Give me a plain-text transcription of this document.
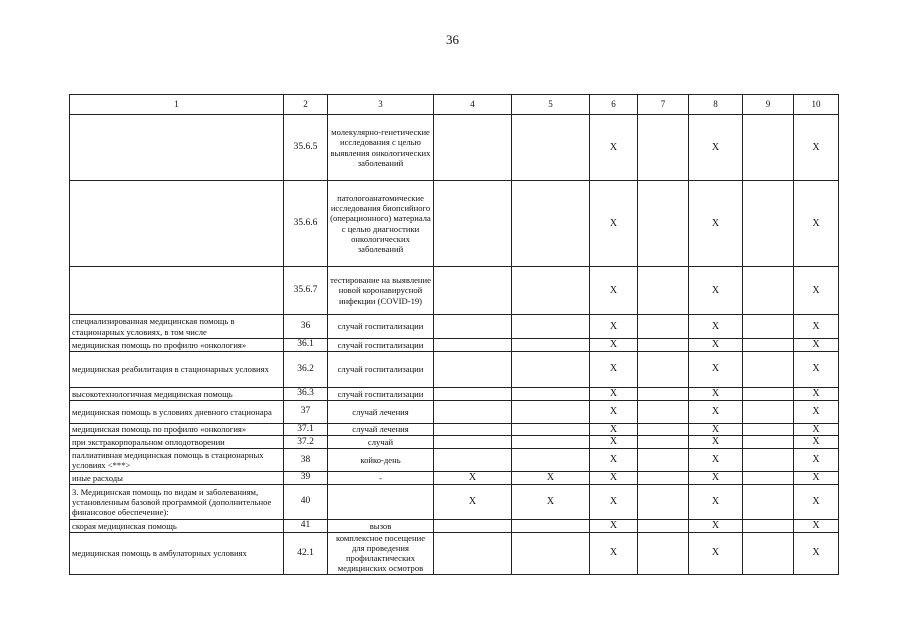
36
1	2	3	4	5	6	7	8	9	10
	35.6.5	молекулярно-генетические исследования с целью выявления онкологических заболеваний			X		X		X
	35.6.6	патологоанатомические исследования биопсийного (операционного) материала с целью диагностики онкологических заболеваний			X		X		X
	35.6.7	тестирование на выявление новой коронавирусной инфекции (COVID-19)			X		X		X
специализированная медицинская помощь в стационарных условиях, в том числе	36	случай госпитализации			X		X		X
медицинская помощь по профилю «онкология»	36.1	случай госпитализации			X		X		X
медицинская реабилитация в стационарных условиях	36.2	случай госпитализации			X		X		X
высокотехнологичная медицинская помощь	36.3	случай госпитализации			X		X		X
медицинская помощь в условиях дневного стационара	37	случай лечения			X		X		X
медицинская помощь по профилю «онкология»	37.1	случай лечения			X		X		X
при экстракорпоральном оплодотворении	37.2	случай			X		X		X
паллиативная медицинская помощь в стационарных условиях <***>	38	койко-день			X		X		X
иные расходы	39	-	X	X	X		X		X
3. Медицинская помощь по видам и заболеваниям, установленным базовой программой (дополнительное финансовое обеспечение):	40		X	X	X		X		X
скорая медицинская помощь	41	вызов			X		X		X
медицинская помощь в амбулаторных условиях	42.1	комплексное посещение для проведения профилактических медицинских осмотров			X		X		X
